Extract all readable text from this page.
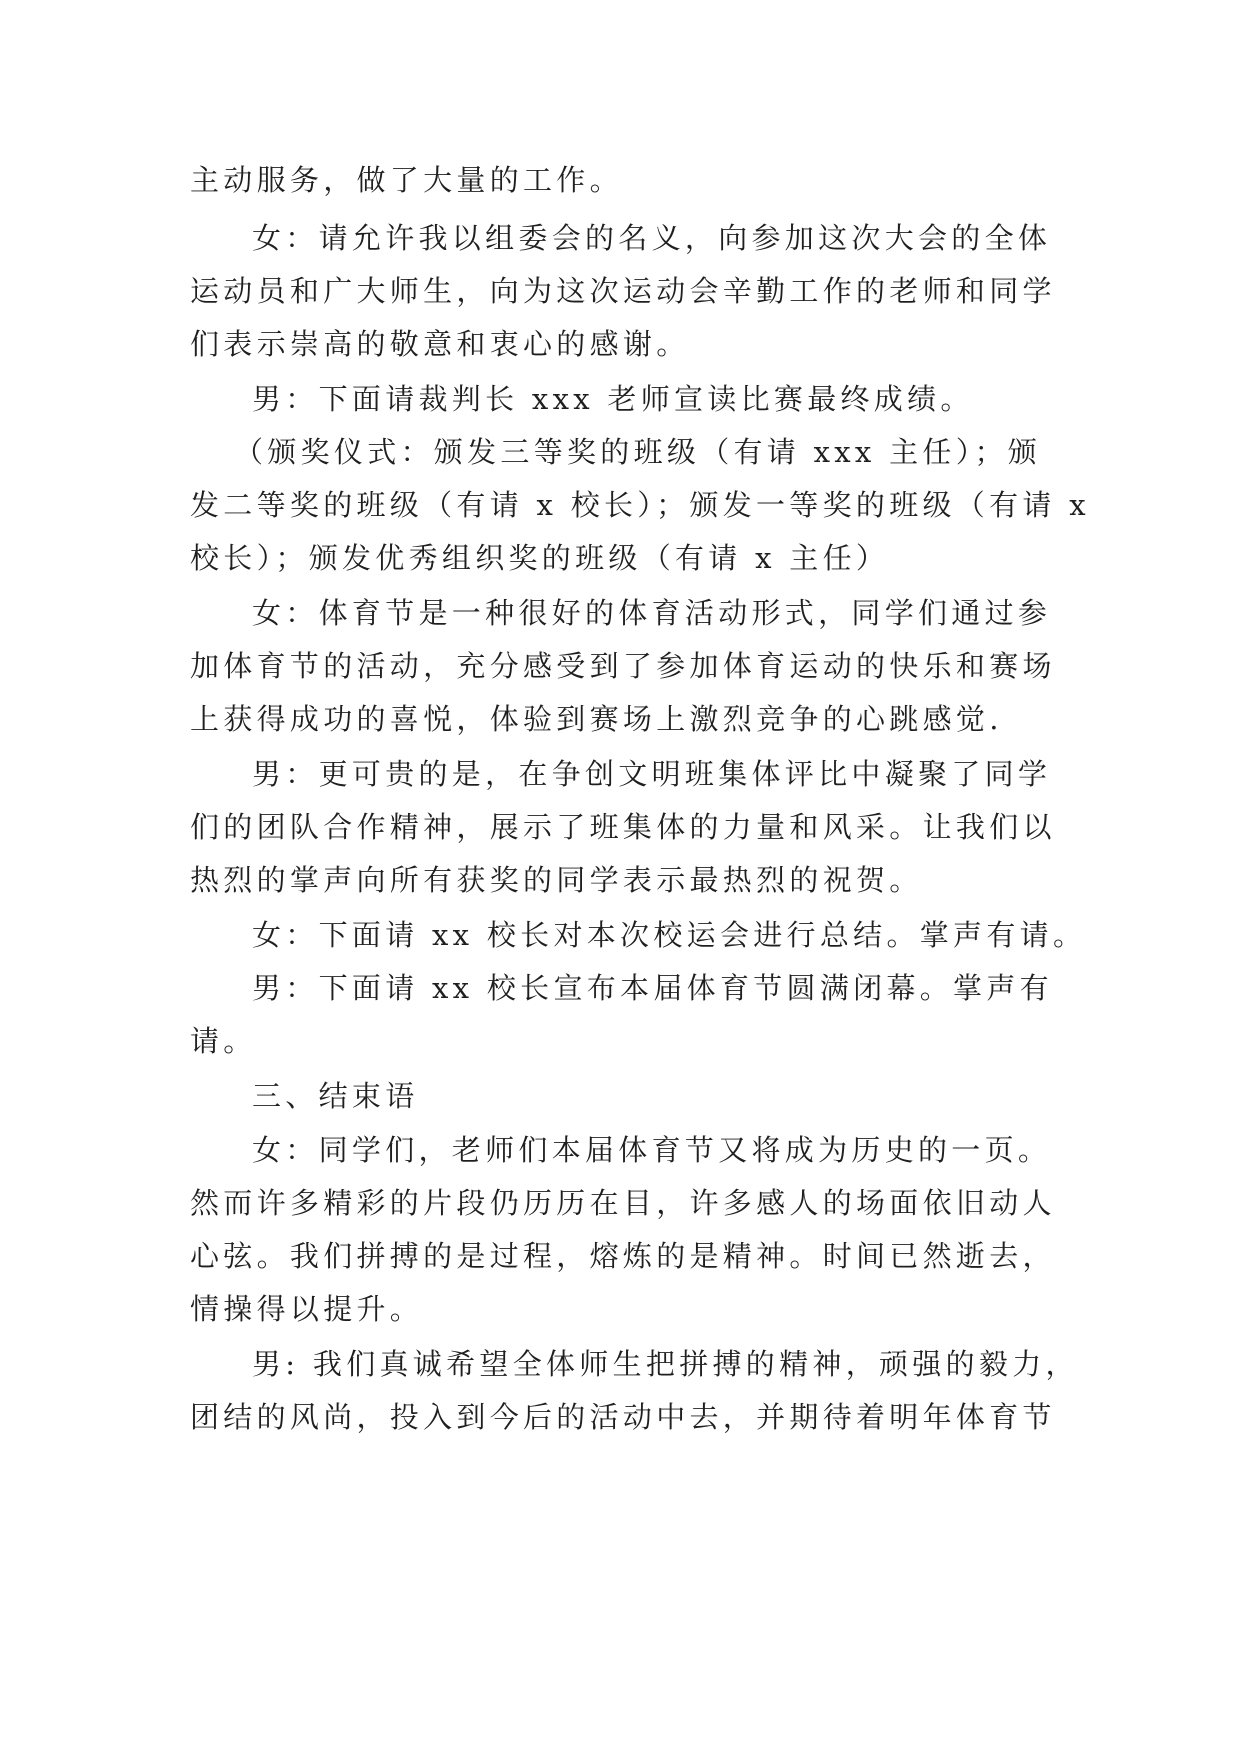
主动服务，做了大量的工作。
女：请允许我以组委会的名义，向参加这次大会的全体
运动员和广大师生，向为这次运动会辛勤工作的老师和同学
们表示崇高的敬意和衷心的感谢。
男：下面请裁判长 xxx 老师宣读比赛最终成绩。
（颁奖仪式：颁发三等奖的班级（有请 xxx 主任）；颁
发二等奖的班级（有请 x 校长）；颁发一等奖的班级（有请 x
校长）；颁发优秀组织奖的班级（有请 x 主任）
女：体育节是一种很好的体育活动形式，同学们通过参
加体育节的活动，充分感受到了参加体育运动的快乐和赛场
上获得成功的喜悦，体验到赛场上激烈竞争的心跳感觉.
男：更可贵的是，在争创文明班集体评比中凝聚了同学
们的团队合作精神，展示了班集体的力量和风采。让我们以
热烈的掌声向所有获奖的同学表示最热烈的祝贺。
女：下面请 xx 校长对本次校运会进行总结。掌声有请。
男：下面请 xx 校长宣布本届体育节圆满闭幕。掌声有
请。
三、结束语
女：同学们，老师们本届体育节又将成为历史的一页。
然而许多精彩的片段仍历历在目，许多感人的场面依旧动人
心弦。我们拼搏的是过程，熔炼的是精神。时间已然逝去，
情操得以提升。
男: 我们真诚希望全体师生把拼搏的精神，顽强的毅力，
团结的风尚，投入到今后的活动中去，并期待着明年体育节
